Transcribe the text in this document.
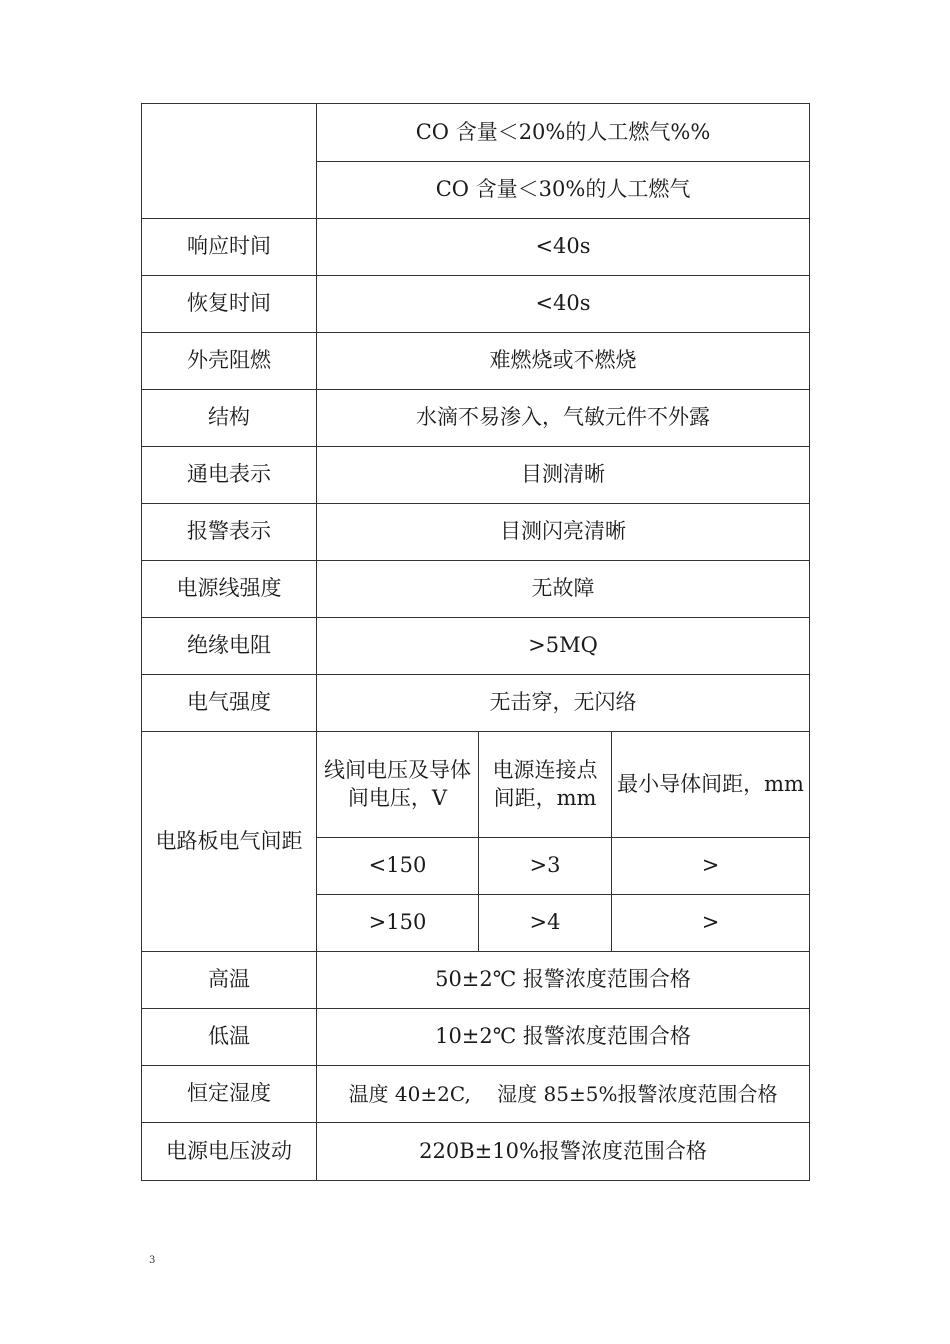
	CO 含量＜20%的人工燃气%%		
	CO 含量＜30%的人工燃气		
响应时间	<40s		
恢复时间	<40s		
外壳阻燃	难燃烧或不燃烧		
结构	水滴不易渗入，气敏元件不外露		
通电表示	目测清晰		
报警表示	目测闪亮清晰		
电源线强度	无故障		
绝缘电阻	>5MQ		
电气强度	无击穿，无闪络		
电路板电气间距	线间电压及导体间电压，V	电源连接点间距，mm	最小导体间距，mm
	<150	>3	>
	>150	>4	>
高温	50±2℃ 报警浓度范围合格		
低温	10±2℃ 报警浓度范围合格		
恒定湿度	温度 40±2C,　 湿度 85±5%报警浓度范围合格		
电源电压波动	220B±10%报警浓度范围合格		
3
